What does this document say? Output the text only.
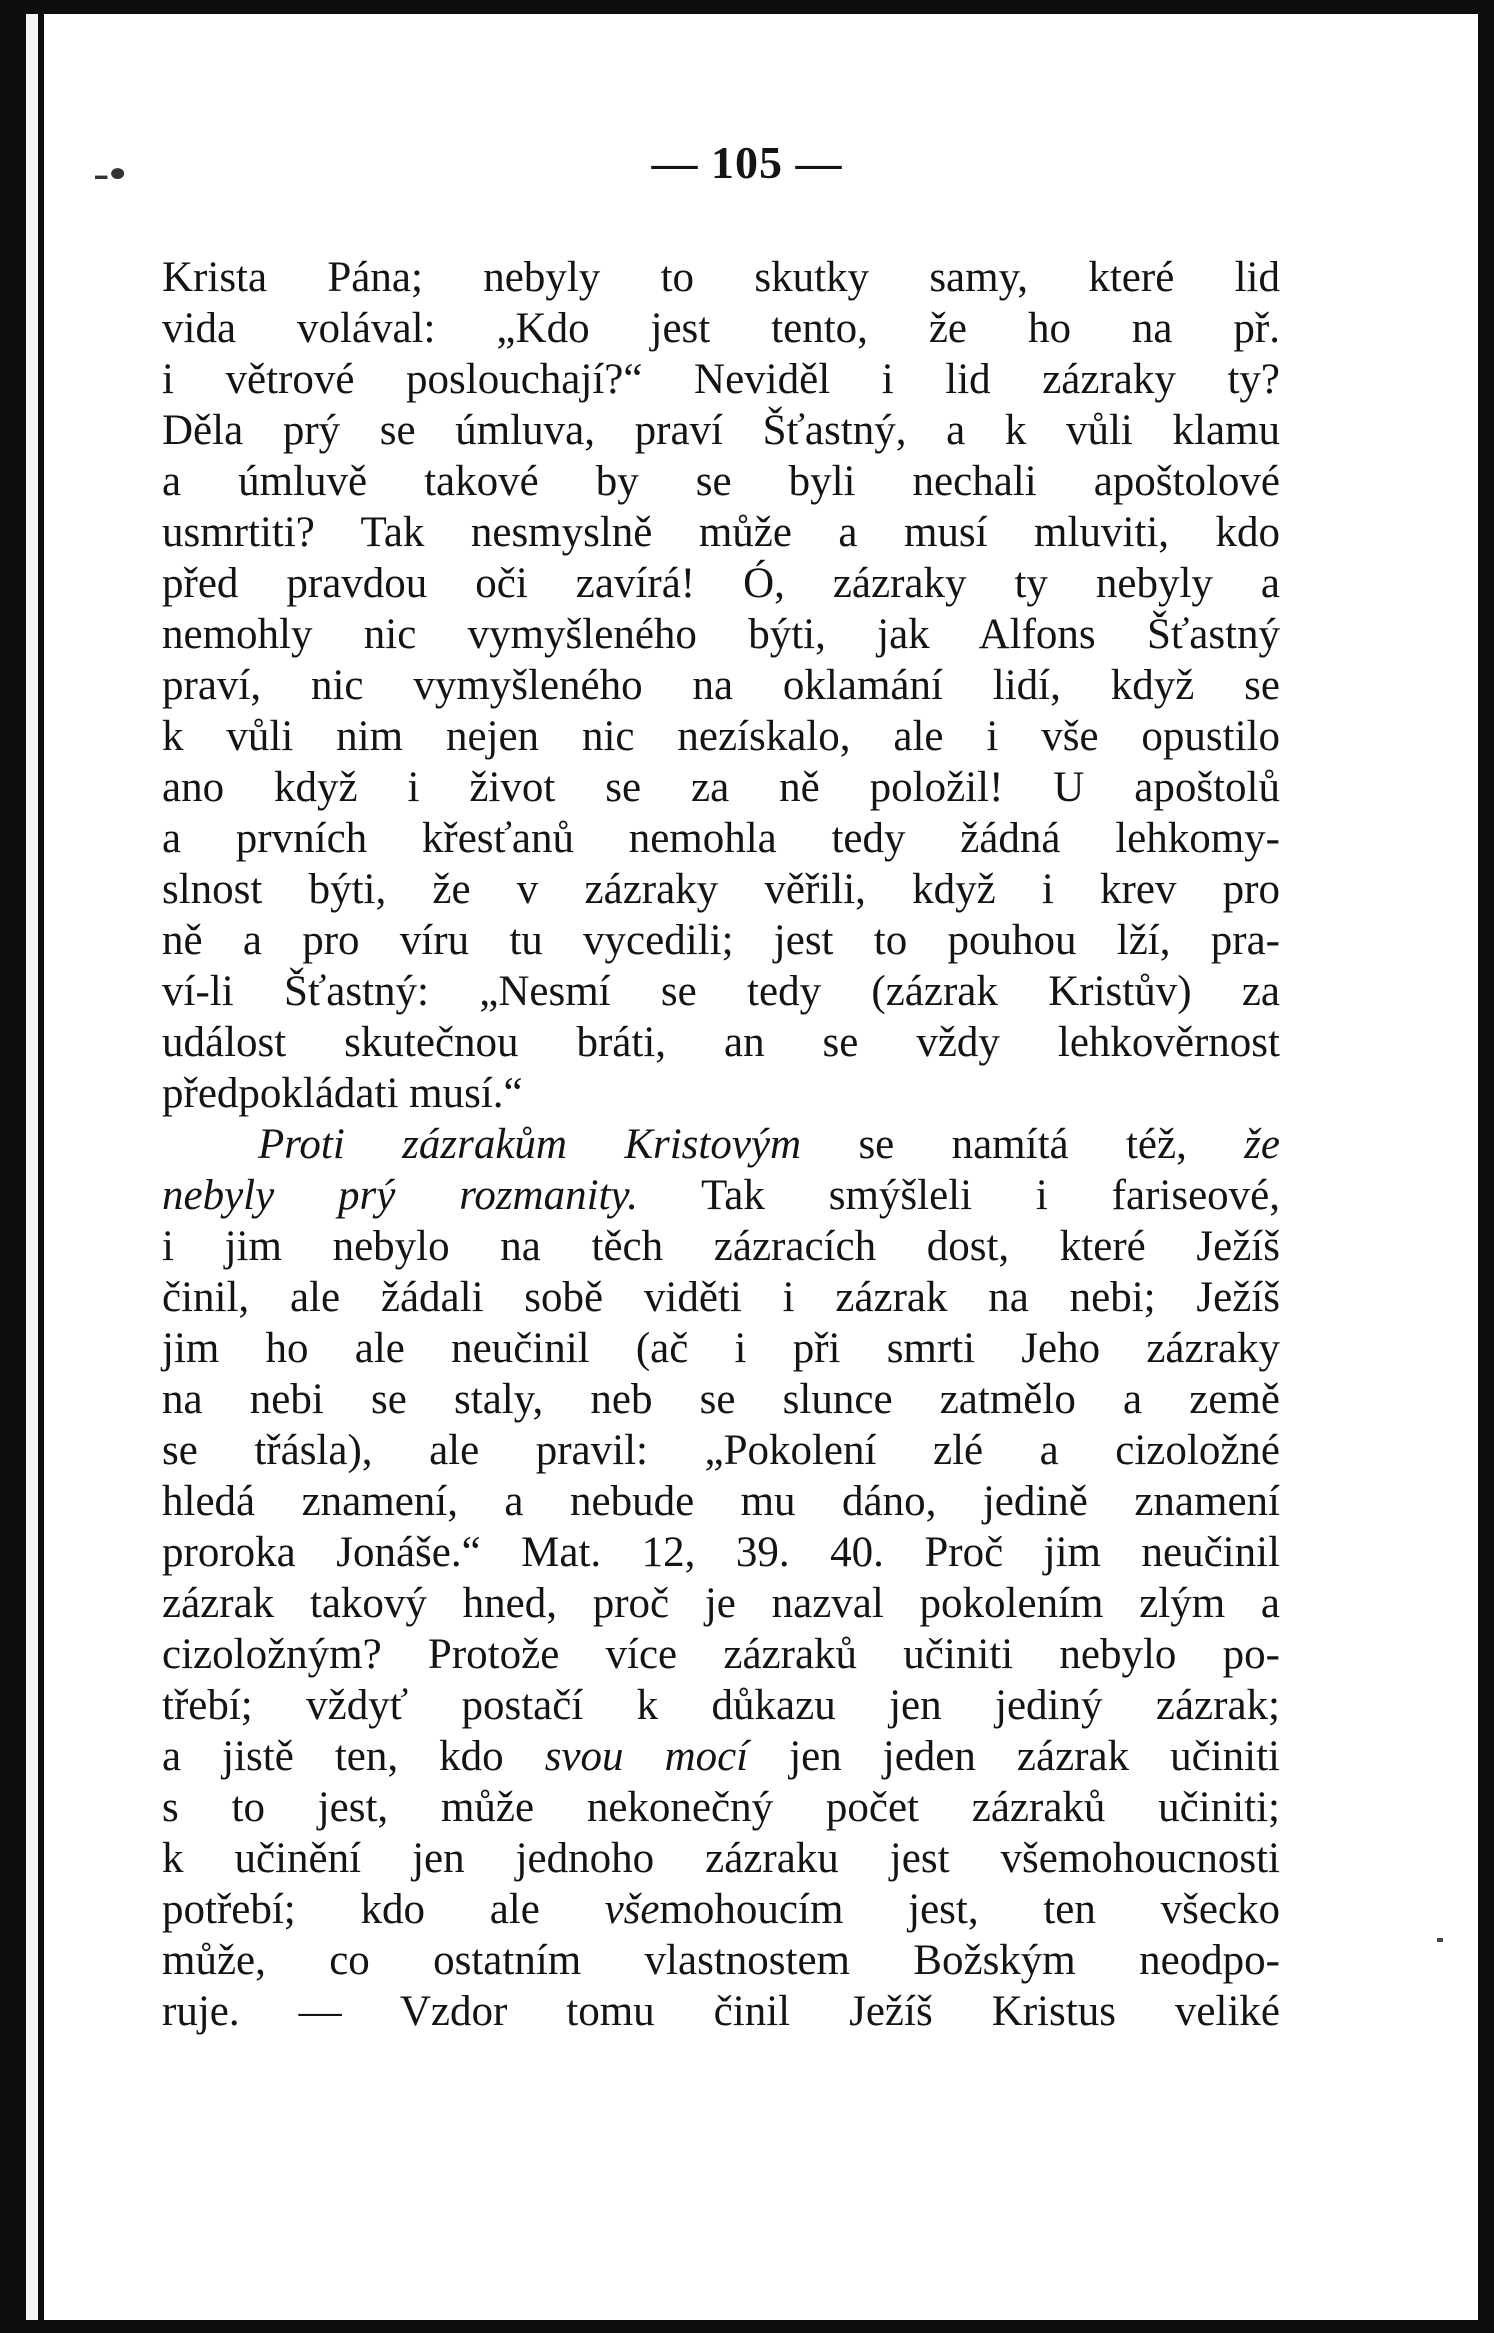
-•	— 105 —
Krista Pána; nebyly to skutky samy, které lid
vida volával: „Kdo jest tento, že ho na př.
i větrové poslouchají?“ Neviděl i lid zázraky ty?
Děla prý se úmluva, praví Šťastný, a k vůli klamu
a úmluvě takové by se byli nechali apoštolové
usmrtiti? Tak nesmyslně může a musí mluviti, kdo
před pravdou oči zavírá! Ó, zázraky ty nebyly a
nemohly nic vymyšleného býti, jak Alfons Šťastný
praví, nic vymyšleného na oklamání lidí, když se
k vůli nim nejen nic nezískalo, ale i vše opustilo
ano když i život se za ně položil! U apoštolů
a prvních křesťanů nemohla tedy žádná lehkomy-
slnost býti, že v zázraky věřili, když i krev pro
ně a pro víru tu vycedili; jest to pouhou lží, pra-
ví-li Šťastný: „Nesmí se tedy (zázrak Kristův) za
událost skutečnou bráti, an se vždy lehkověrnost
předpokládati musí.“
Proti zázrakům Kristovým se namítá též, že
nebyly prý rozmanity. Tak smýšleli i fariseové,
i jim nebylo na těch zázracích dost, které Ježíš
činil, ale žádali sobě viděti i zázrak na nebi; Ježíš
jim ho ale neučinil (ač i při smrti Jeho zázraky
na nebi se staly, neb se slunce zatmělo a země
se třásla), ale pravil: „Pokolení zlé a cizoložné
hledá znamení, a nebude mu dáno, jedině znamení
proroka Jonáše.“ Mat. 12, 39. 40. Proč jim neučinil
zázrak takový hned, proč je nazval pokolením zlým a
cizoložným? Protože více zázraků učiniti nebylo po-
třebí; vždyť postačí k důkazu jen jediný zázrak;
a jistě ten, kdo svou mocí jen jeden zázrak učiniti
s to jest, může nekonečný počet zázraků učiniti;
k učinění jen jednoho zázraku jest všemohoucnosti
potřebí; kdo ale všemohoucím jest, ten všecko
může, co ostatním vlastnostem Božským neodpo-
ruje. — Vzdor tomu činil Ježíš Kristus veliké
